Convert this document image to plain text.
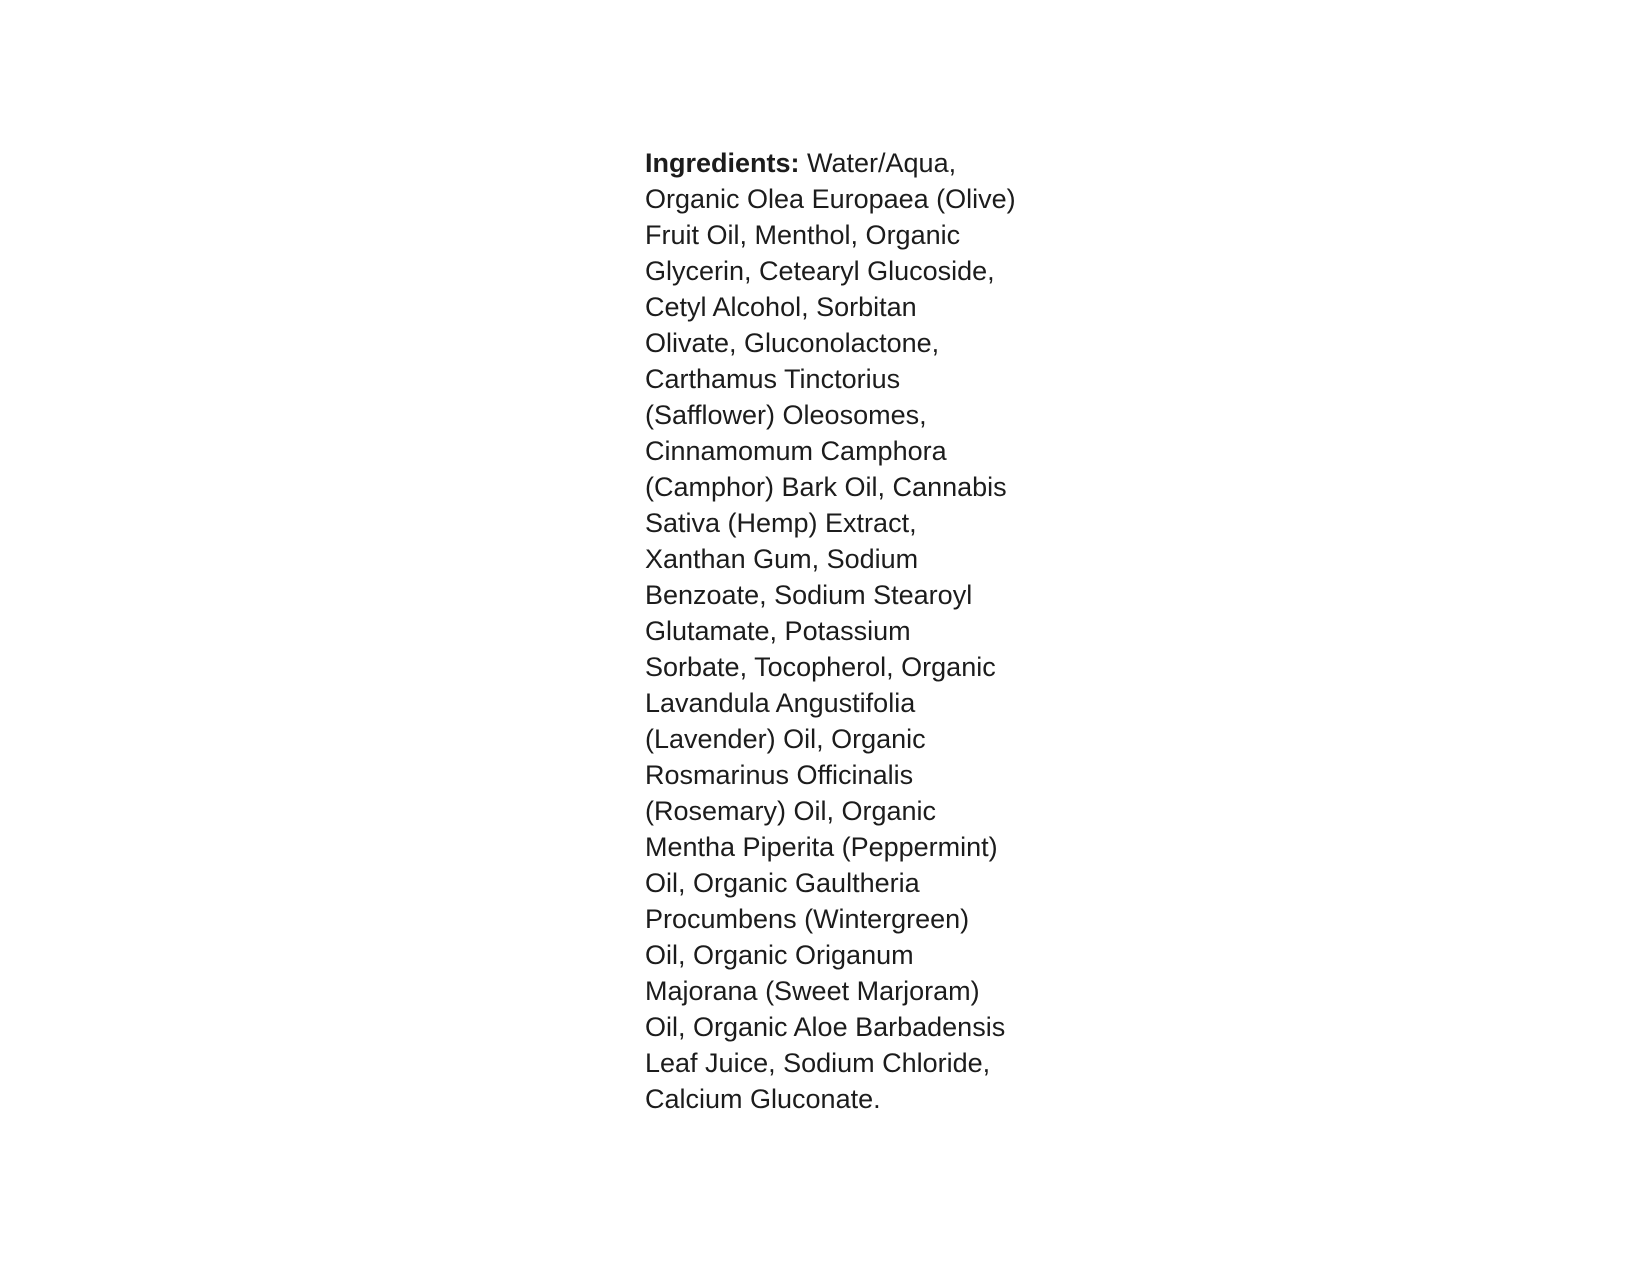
Ingredients: Water/Aqua,
Organic Olea Europaea (Olive)
Fruit Oil, Menthol, Organic
Glycerin, Cetearyl Glucoside,
Cetyl Alcohol, Sorbitan
Olivate, Gluconolactone,
Carthamus Tinctorius
(Safflower) Oleosomes,
Cinnamomum Camphora
(Camphor) Bark Oil, Cannabis
Sativa (Hemp) Extract,
Xanthan Gum, Sodium
Benzoate, Sodium Stearoyl
Glutamate, Potassium
Sorbate, Tocopherol, Organic
Lavandula Angustifolia
(Lavender) Oil, Organic
Rosmarinus Officinalis
(Rosemary) Oil, Organic
Mentha Piperita (Peppermint)
Oil, Organic Gaultheria
Procumbens (Wintergreen)
Oil, Organic Origanum
Majorana (Sweet Marjoram)
Oil, Organic Aloe Barbadensis
Leaf Juice, Sodium Chloride,
Calcium Gluconate.
